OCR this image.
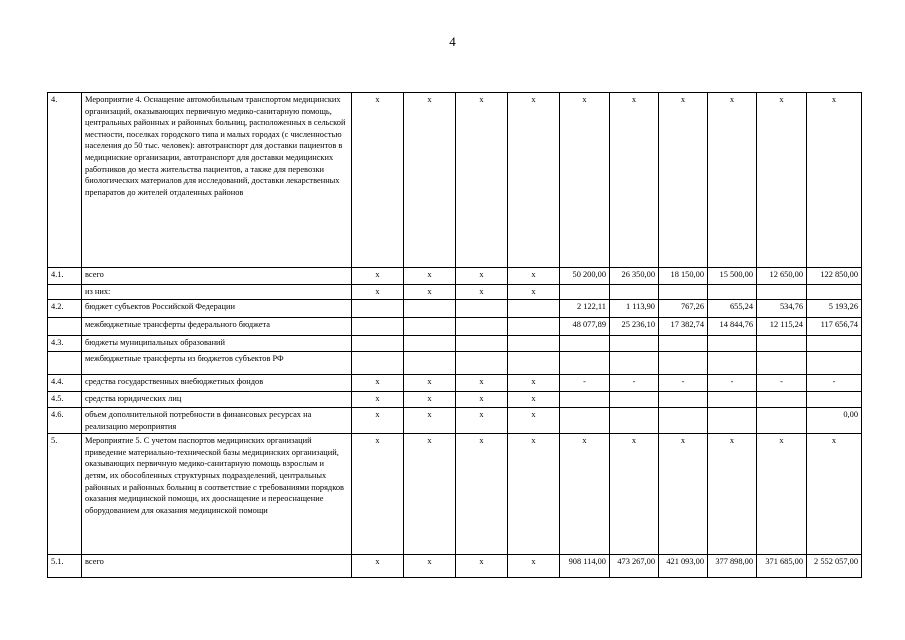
4
4.	Мероприятие 4. Оснащение автомобильным транспортом медицинских организаций, оказывающих первичную медико-санитарную помощь, центральных районных и районных больниц, расположенных в сельской местности, поселках городского типа и малых городах (с численностью населения до 50 тыс. человек): автотранспорт для доставки пациентов в медицинские организации, автотранспорт для доставки медицинских работников до места жительства пациентов, а также для перевозки биологических материалов для исследований, доставки лекарственных препаратов до жителей отдаленных районов	х	х	х	х	х	х	х	х	х	х
4.1.	всего	х	х	х	х	50 200,00	26 350,00	18 150,00	15 500,00	12 650,00	122 850,00
	из них:	х	х	х	х						
4.2.	бюджет субъектов Российской Федерации					2 122,11	1 113,90	767,26	655,24	534,76	5 193,26
	межбюджетные трансферты федерального бюджета					48 077,89	25 236,10	17 382,74	14 844,76	12 115,24	117 656,74
4.3.	бюджеты муниципальных образований										
	межбюджетные трансферты из бюджетов субъектов РФ										
4.4.	средства государственных внебюджетных фондов	х	х	х	х	-	-	-	-	-	-
4.5.	средства юридических лиц	х	х	х	х						
4.6.	объем дополнительной потребности в финансовых ресурсах на реализацию мероприятия	х	х	х	х						0,00
5.	Мероприятие 5. С учетом паспортов медицинских организаций приведение материально-технической базы медицинских организаций, оказывающих первичную медико-санитарную помощь взрослым и детям, их обособленных структурных подразделений, центральных районных и районных больниц в соответствие с требованиями порядков оказания медицинской помощи, их дооснащение и переоснащение оборудованием для оказания медицинской помощи	х	х	х	х	х	х	х	х	х	х
5.1.	всего	х	х	х	х	908 114,00	473 267,00	421 093,00	377 898,00	371 685,00	2 552 057,00
